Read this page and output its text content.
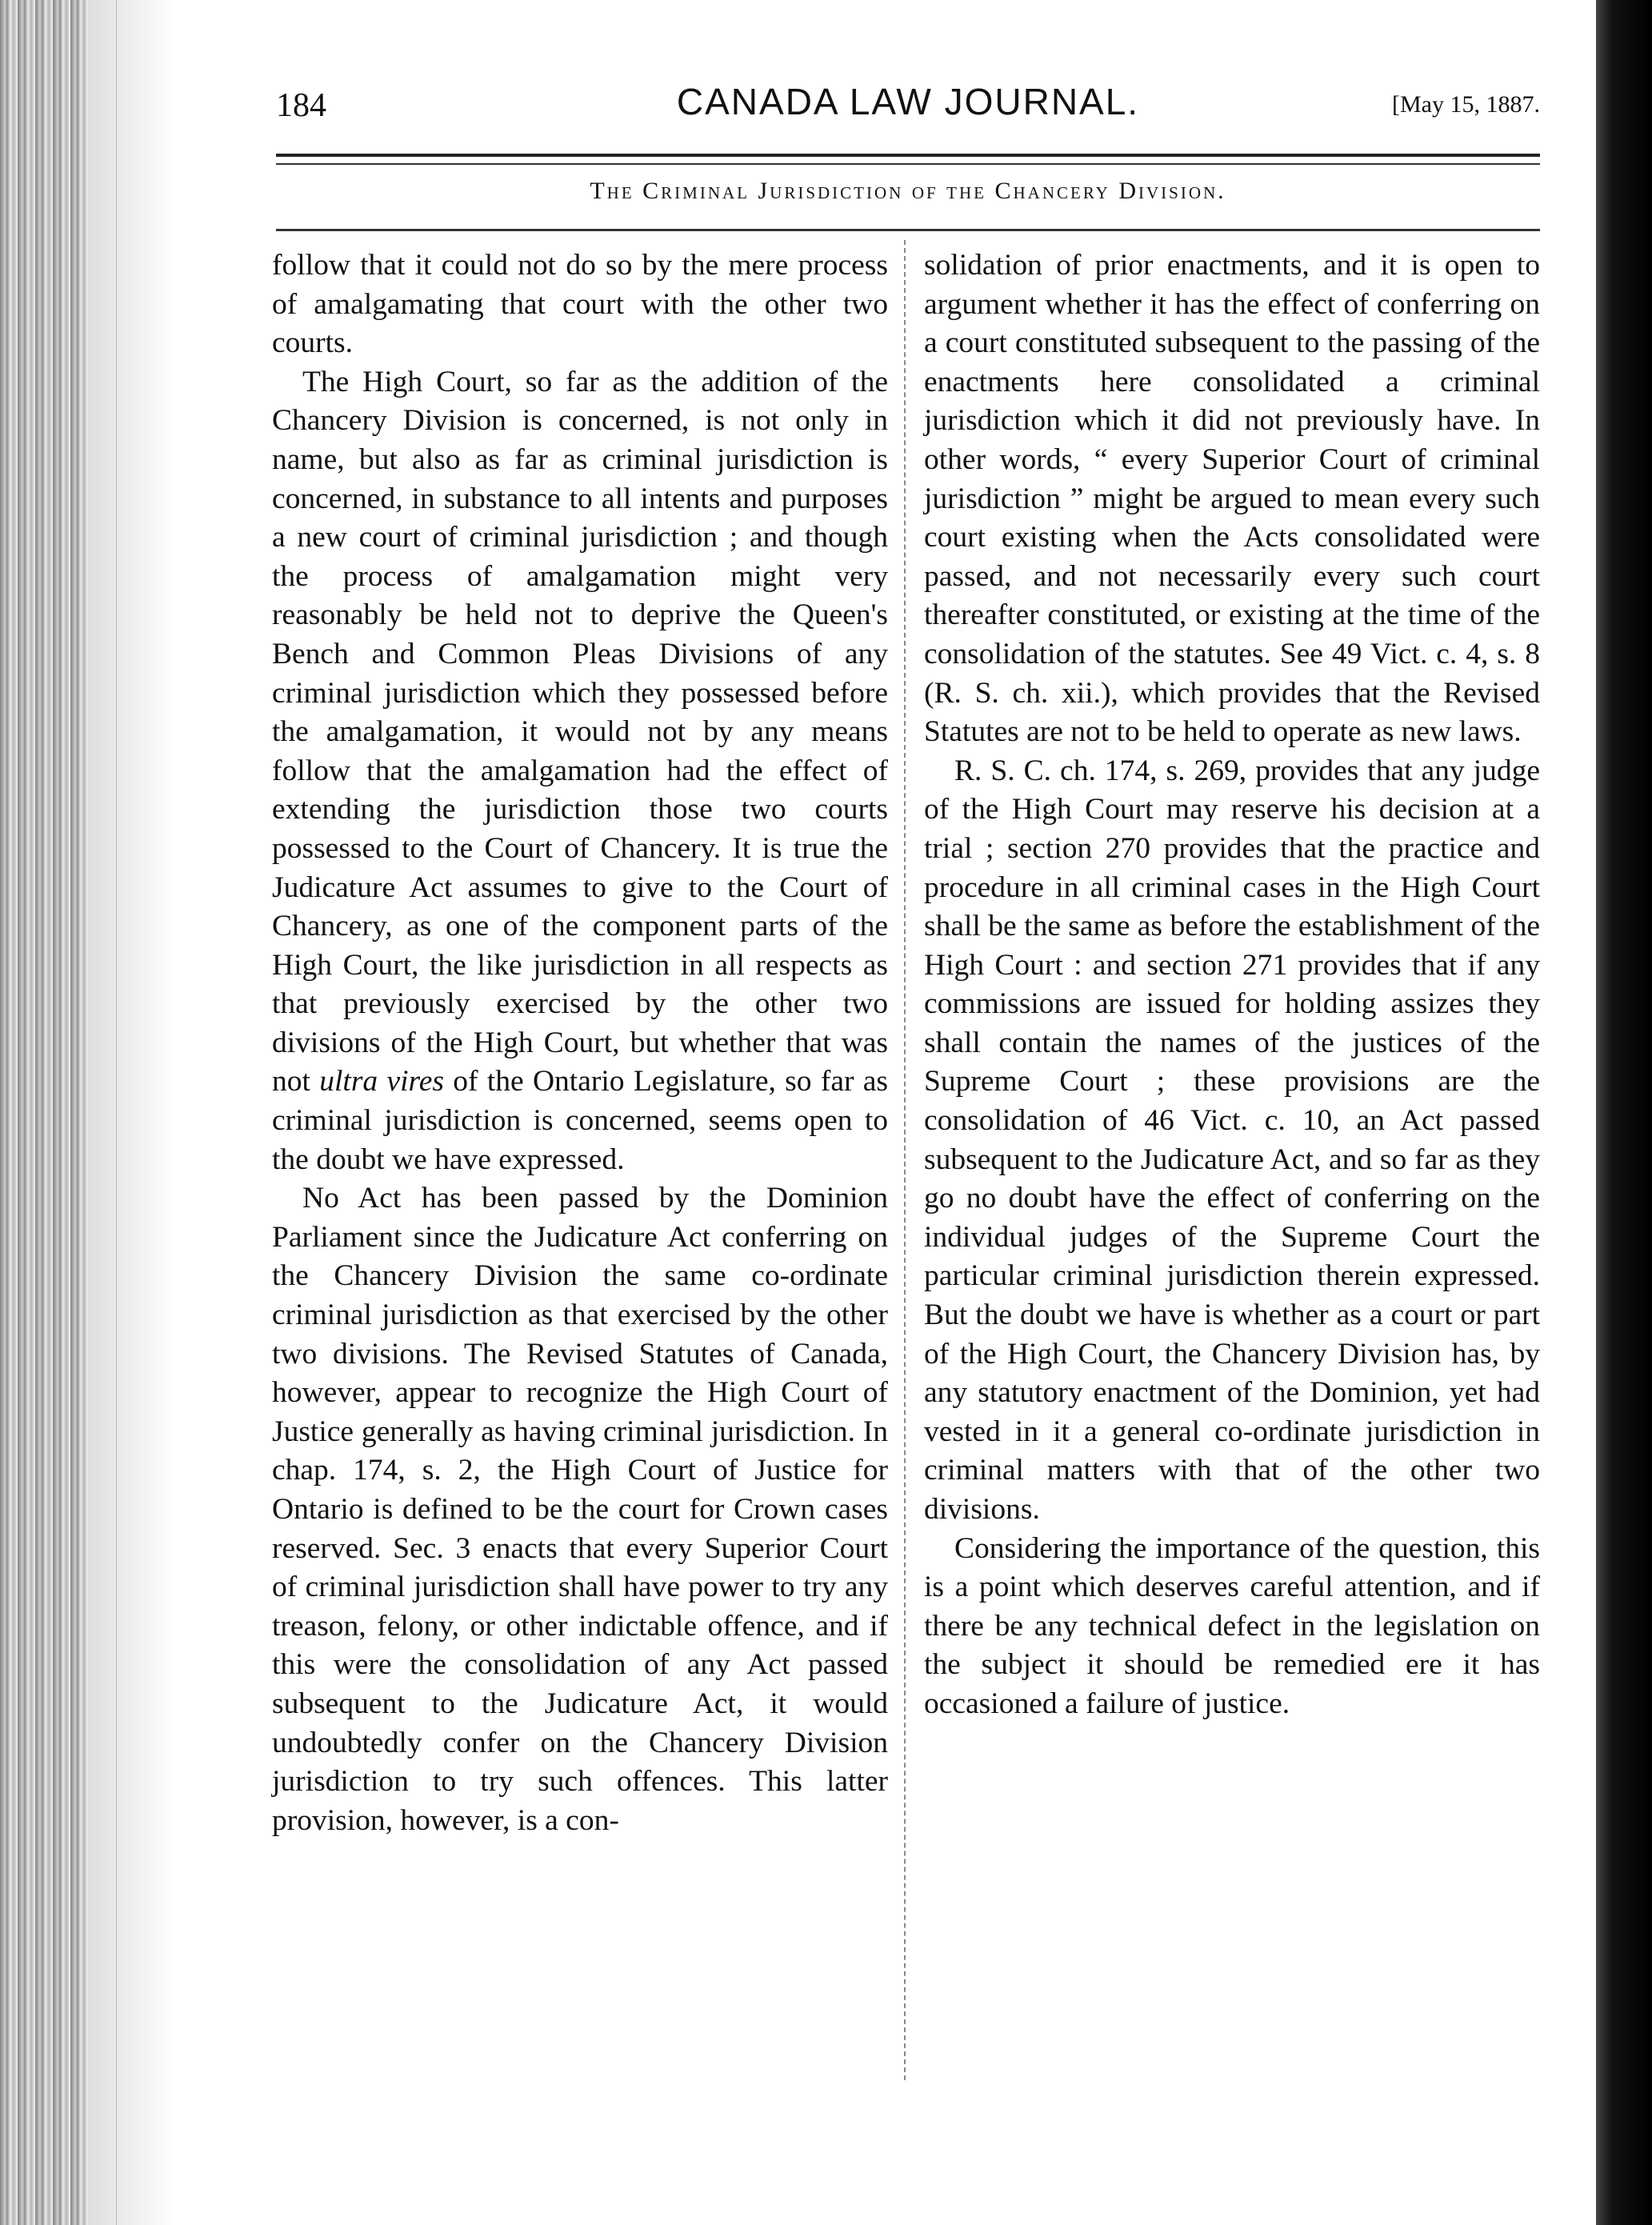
184	CANADA LAW JOURNAL.	[May 15, 1887.
The Criminal Jurisdiction of the Chancery Division.

follow that it could not do so by the mere process of amalgamating that court with the other two courts.

The High Court, so far as the addition of the Chancery Division is concerned, is not only in name, but also as far as criminal jurisdiction is concerned, in substance to all intents and purposes a new court of criminal jurisdiction ; and though the process of amalgamation might very reasonably be held not to deprive the Queen's Bench and Common Pleas Divisions of any criminal jurisdiction which they possessed before the amalgamation, it would not by any means follow that the amalgamation had the effect of extending the jurisdiction those two courts possessed to the Court of Chancery. It is true the Judicature Act assumes to give to the Court of Chancery, as one of the component parts of the High Court, the like jurisdiction in all respects as that previously exercised by the other two divisions of the High Court, but whether that was not ultra vires of the Ontario Legislature, so far as criminal jurisdiction is concerned, seems open to the doubt we have expressed.

No Act has been passed by the Dominion Parliament since the Judicature Act conferring on the Chancery Division the same co-ordinate criminal jurisdiction as that exercised by the other two divisions. The Revised Statutes of Canada, however, appear to recognize the High Court of Justice generally as having criminal jurisdiction. In chap. 174, s. 2, the High Court of Justice for Ontario is defined to be the court for Crown cases reserved. Sec. 3 enacts that every Superior Court of criminal jurisdiction shall have power to try any treason, felony, or other indictable offence, and if this were the consolidation of any Act passed subsequent to the Judicature Act, it would undoubtedly confer on the Chancery Division jurisdiction to try such offences. This latter provision, however, is a con-

solidation of prior enactments, and it is open to argument whether it has the effect of conferring on a court constituted subsequent to the passing of the enactments here consolidated a criminal jurisdiction which it did not previously have. In other words, “ every Superior Court of criminal jurisdiction ” might be argued to mean every such court existing when the Acts consolidated were passed, and not necessarily every such court thereafter constituted, or existing at the time of the consolidation of the statutes. See 49 Vict. c. 4, s. 8 (R. S. ch. xii.), which provides that the Revised Statutes are not to be held to operate as new laws.

R. S. C. ch. 174, s. 269, provides that any judge of the High Court may reserve his decision at a trial ; section 270 provides that the practice and procedure in all criminal cases in the High Court shall be the same as before the establishment of the High Court : and section 271 provides that if any commissions are issued for holding assizes they shall contain the names of the justices of the Supreme Court ; these provisions are the consolidation of 46 Vict. c. 10, an Act passed subsequent to the Judicature Act, and so far as they go no doubt have the effect of conferring on the individual judges of the Supreme Court the particular criminal jurisdiction therein expressed. But the doubt we have is whether as a court or part of the High Court, the Chancery Division has, by any statutory enactment of the Dominion, yet had vested in it a general co-ordinate jurisdiction in criminal matters with that of the other two divisions.

Considering the importance of the question, this is a point which deserves careful attention, and if there be any technical defect in the legislation on the subject it should be remedied ere it has occasioned a failure of justice.
